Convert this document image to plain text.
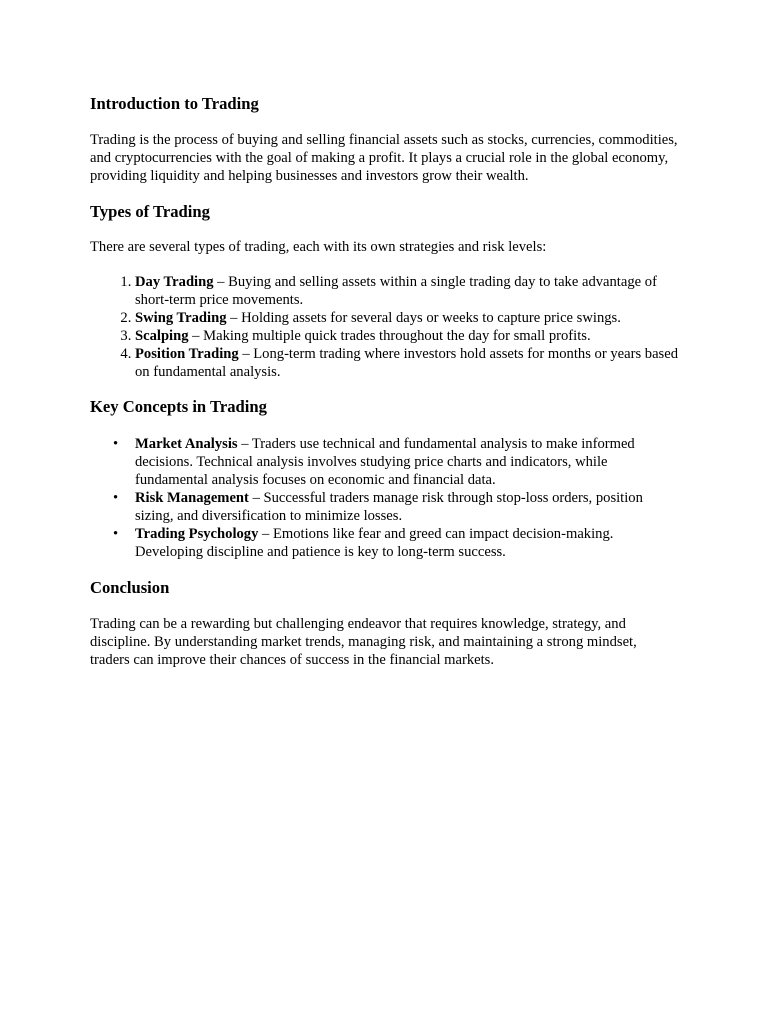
Introduction to Trading

Trading is the process of buying and selling financial assets such as stocks, currencies, commodities, and cryptocurrencies with the goal of making a profit. It plays a crucial role in the global economy, providing liquidity and helping businesses and investors grow their wealth.

Types of Trading

There are several types of trading, each with its own strategies and risk levels:

1. Day Trading – Buying and selling assets within a single trading day to take advantage of short-term price movements.
2. Swing Trading – Holding assets for several days or weeks to capture price swings.
3. Scalping – Making multiple quick trades throughout the day for small profits.
4. Position Trading – Long-term trading where investors hold assets for months or years based on fundamental analysis.
Key Concepts in Trading
• Market Analysis – Traders use technical and fundamental analysis to make informed decisions. Technical analysis involves studying price charts and indicators, while fundamental analysis focuses on economic and financial data.
• Risk Management – Successful traders manage risk through stop-loss orders, position sizing, and diversification to minimize losses.
• Trading Psychology – Emotions like fear and greed can impact decision-making. Developing discipline and patience is key to long-term success.
Conclusion

Trading can be a rewarding but challenging endeavor that requires knowledge, strategy, and discipline. By understanding market trends, managing risk, and maintaining a strong mindset, traders can improve their chances of success in the financial markets.
